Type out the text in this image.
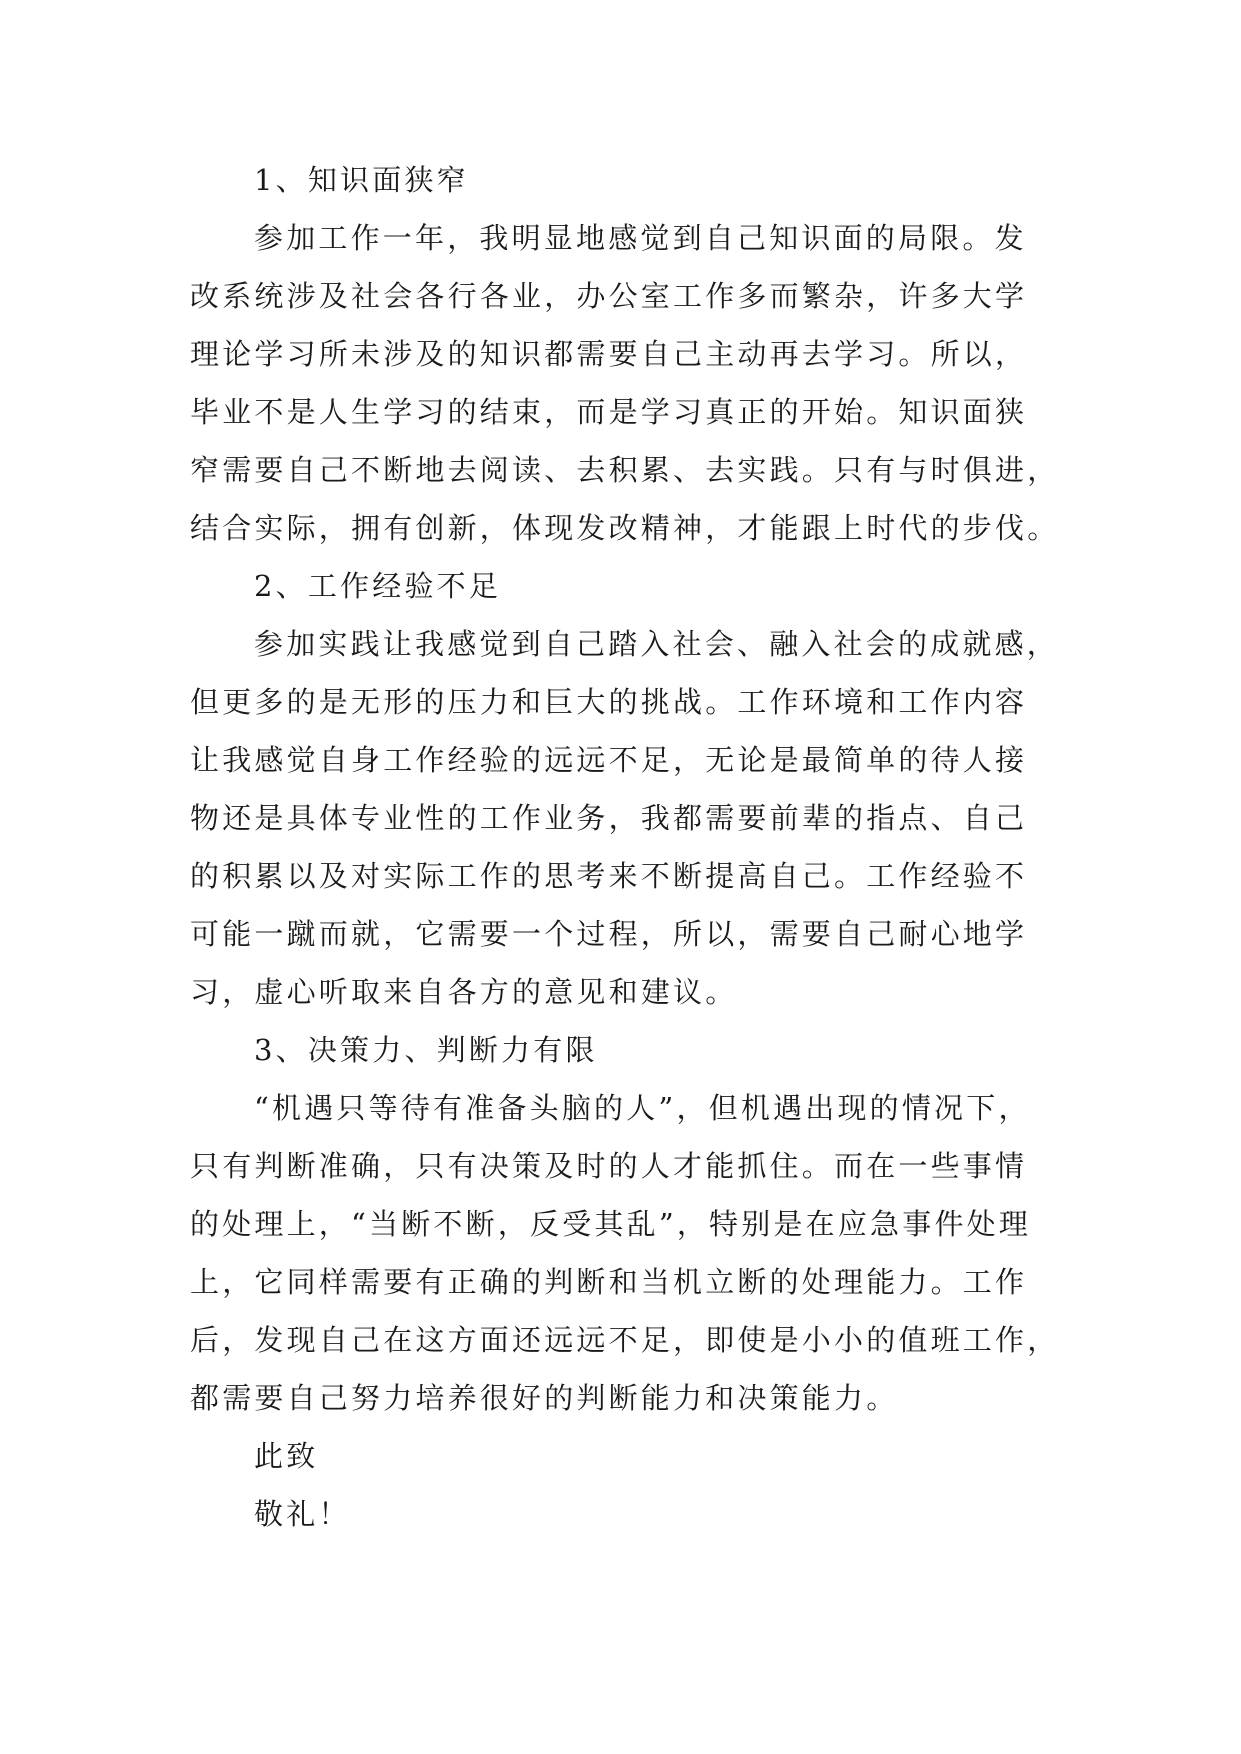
1、知识面狭窄
参加工作一年，我明显地感觉到自己知识面的局限。发
改系统涉及社会各行各业，办公室工作多而繁杂，许多大学
理论学习所未涉及的知识都需要自己主动再去学习。所以，
毕业不是人生学习的结束，而是学习真正的开始。知识面狭
窄需要自己不断地去阅读、去积累、去实践。只有与时俱进，
结合实际，拥有创新，体现发改精神，才能跟上时代的步伐。
2、工作经验不足
参加实践让我感觉到自己踏入社会、融入社会的成就感，
但更多的是无形的压力和巨大的挑战。工作环境和工作内容
让我感觉自身工作经验的远远不足，无论是最简单的待人接
物还是具体专业性的工作业务，我都需要前辈的指点、自己
的积累以及对实际工作的思考来不断提高自己。工作经验不
可能一蹴而就，它需要一个过程，所以，需要自己耐心地学
习，虚心听取来自各方的意见和建议。
3、决策力、判断力有限
“机遇只等待有准备头脑的人”，但机遇出现的情况下，
只有判断准确，只有决策及时的人才能抓住。而在一些事情
的处理上，“当断不断，反受其乱”，特别是在应急事件处理
上，它同样需要有正确的判断和当机立断的处理能力。工作
后，发现自己在这方面还远远不足，即使是小小的值班工作，
都需要自己努力培养很好的判断能力和决策能力。
此致
敬礼！
